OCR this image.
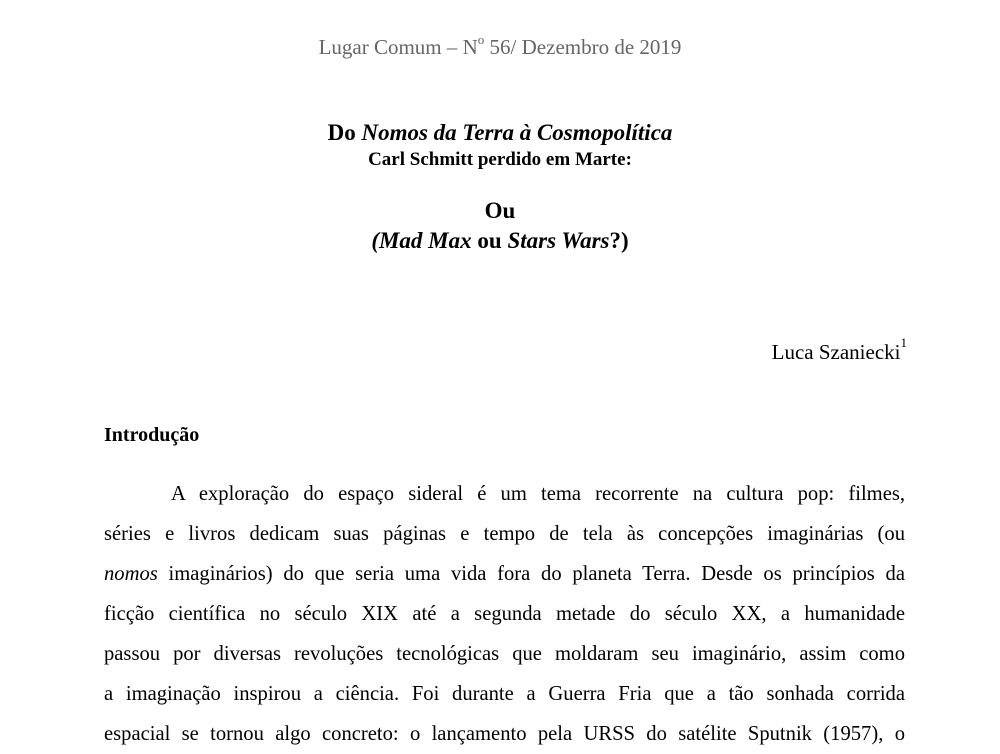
Lugar Comum – $N^o$ 56/ Dezembro de 2019
Do Nomos da Terra à Cosmopolítica
Carl Schmitt perdido em Marte:
Ou
(Mad Max ou Stars Wars?)
Luca Szaniecki$^1$
Introdução
A exploração do espaço sideral é um tema recorrente na cultura pop: filmes,
séries e livros dedicam suas páginas e tempo de tela às concepções imaginárias (ou
nomos imaginários) do que seria uma vida fora do planeta Terra. Desde os princípios da
ficção científica no século XIX até a segunda metade do século XX, a humanidade
passou por diversas revoluções tecnológicas que moldaram seu imaginário, assim como
a imaginação inspirou a ciência. Foi durante a Guerra Fria que a tão sonhada corrida
espacial se tornou algo concreto: o lançamento pela URSS do satélite Sputnik (1957), o
